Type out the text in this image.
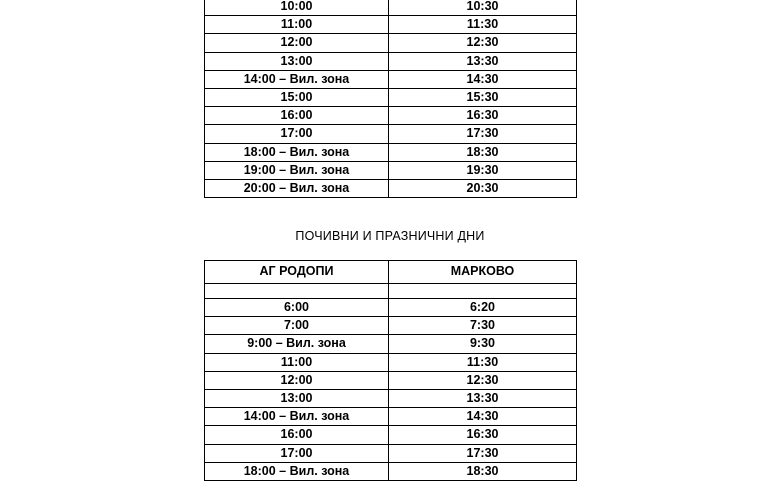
10:00	10:30
11:00	11:30
12:00	12:30
13:00	13:30
14:00 – Вил. зона	14:30
15:00	15:30
16:00	16:30
17:00	17:30
18:00 – Вил. зона	18:30
19:00 – Вил. зона	19:30
20:00 – Вил. зона	20:30
ПОЧИВНИ И ПРАЗНИЧНИ ДНИ
АГ РОДОПИ	МАРКОВО

6:00	6:20
7:00	7:30
9:00 – Вил. зона	9:30
11:00	11:30
12:00	12:30
13:00	13:30
14:00 – Вил. зона	14:30
16:00	16:30
17:00	17:30
18:00 – Вил. зона	18:30
